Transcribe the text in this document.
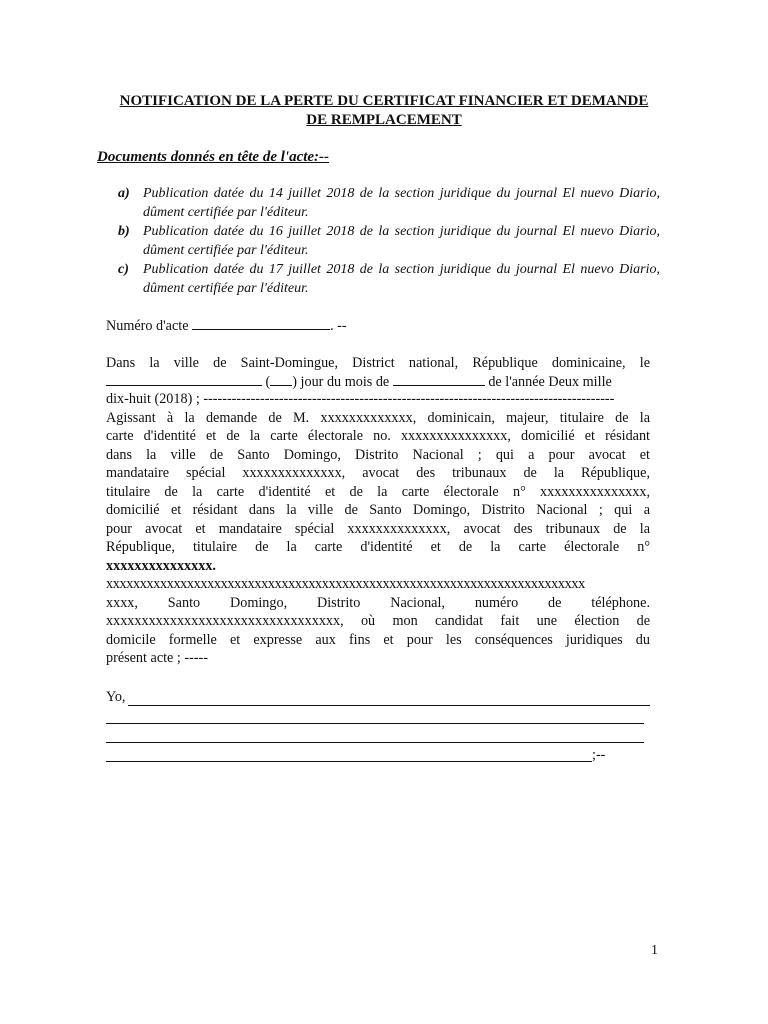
NOTIFICATION DE LA PERTE DU CERTIFICAT FINANCIER ET DEMANDE
DE REMPLACEMENT
Documents donnés en tête de l'acte:--
a) Publication datée du 14 juillet 2018 de la section juridique du journal El nuevo Diario, dûment certifiée par l'éditeur.
b) Publication datée du 16 juillet 2018 de la section juridique du journal El nuevo Diario, dûment certifiée par l'éditeur.
c) Publication datée du 17 juillet 2018 de la section juridique du journal El nuevo Diario, dûment certifiée par l'éditeur.
Numéro d'acte	. --
Dans la ville de Saint-Domingue, District national, République dominicaine, le
( ) jour du mois de	de l'année Deux mille
dix-huit (2018) ; ---------------------------------------------------------------------------------------
Agissant à la demande de M. xxxxxxxxxxxxx, dominicain, majeur, titulaire de la
carte d'identité et de la carte électorale no. xxxxxxxxxxxxxxx, domicilié et résidant
dans la ville de Santo Domingo, Distrito Nacional ; qui a pour avocat et
mandataire spécial xxxxxxxxxxxxxx, avocat des tribunaux de la République,
titulaire de la carte d'identité et de la carte électorale n° xxxxxxxxxxxxxxx,
domicilié et résidant dans la ville de Santo Domingo, Distrito Nacional ; qui a
pour avocat et mandataire spécial xxxxxxxxxxxxxx, avocat des tribunaux de la
République, titulaire de la carte d'identité et de la carte électorale n°
xxxxxxxxxxxxxxx.
xxxxxxxxxxxxxxxxxxxxxxxxxxxxxxxxxxxxxxxxxxxxxxxxxxxxxxxxxxxxxxxxxxxxxxx
xxxx, Santo Domingo, Distrito Nacional, numéro de téléphone.
xxxxxxxxxxxxxxxxxxxxxxxxxxxxxxxxx, où mon candidat fait une élection de
domicile formelle et expresse aux fins et pour les conséquences juridiques du
présent acte ; -----
Yo,
;--
1
